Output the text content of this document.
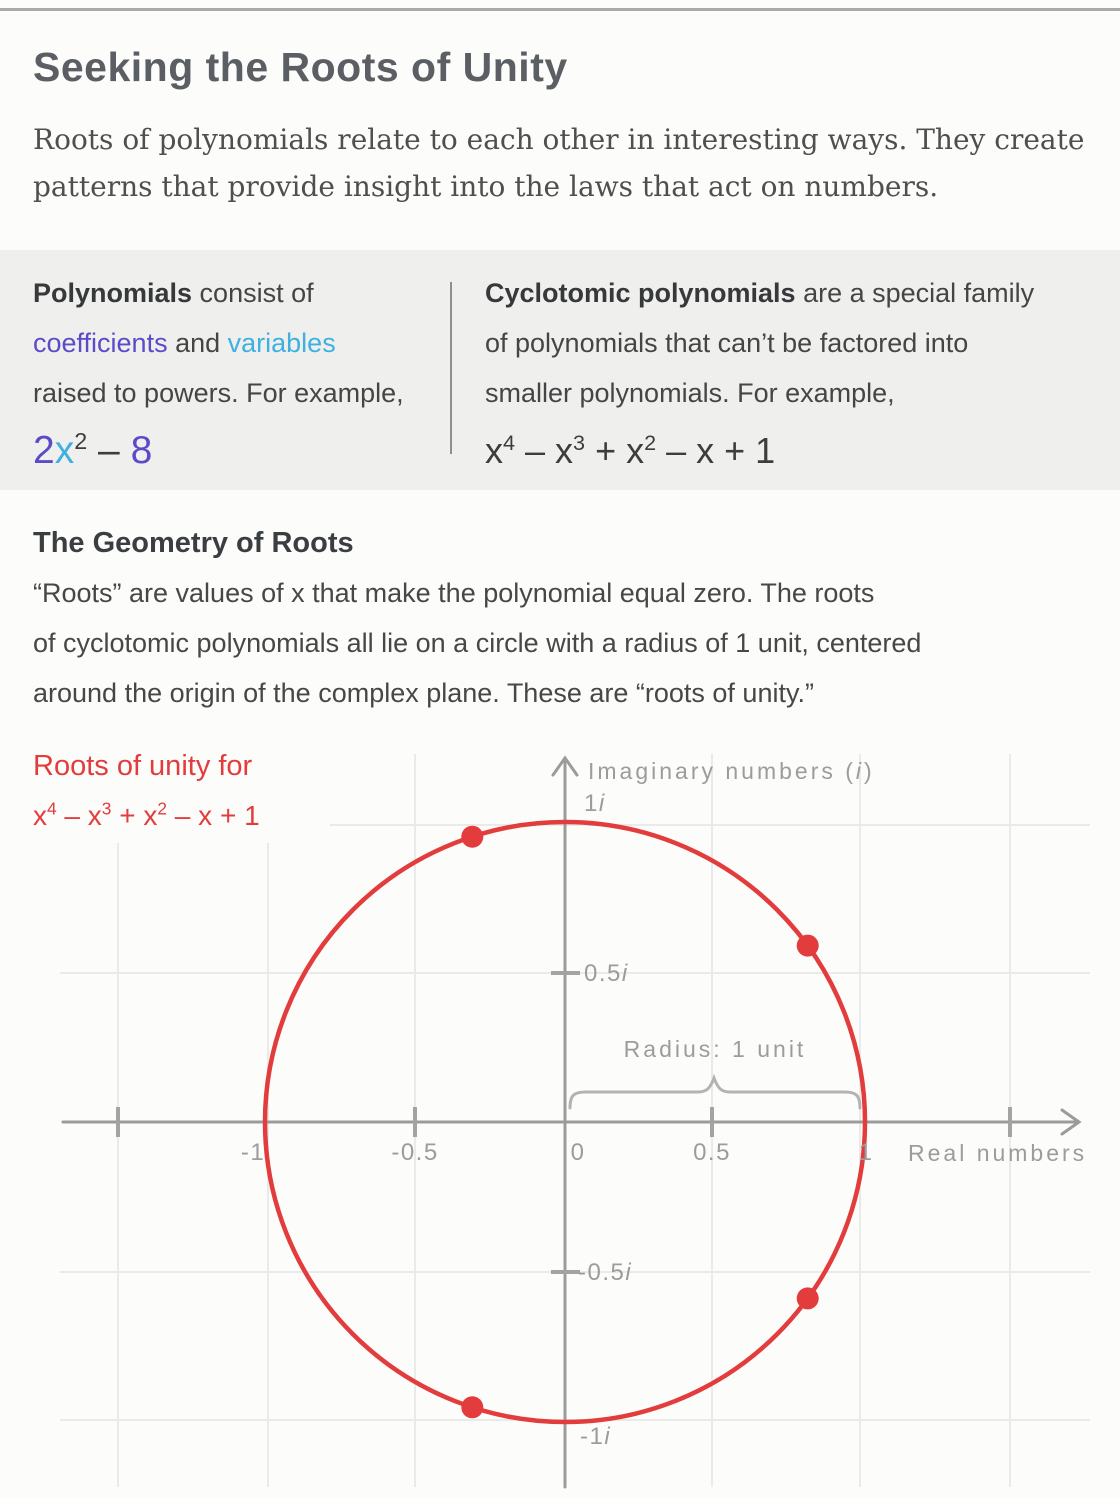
Seeking the Roots of Unity
Roots of polynomials relate to each other in interesting ways. They create
patterns that provide insight into the laws that act on numbers.
Polynomials consist of
coefficients and variables
raised to powers. For example,
$2x^2 - 8$
Cyclotomic polynomials are a special family
of polynomials that can’t be factored into
smaller polynomials. For example,
$x^4 - x^3 + x^2 - x + 1$
The Geometry of Roots
“Roots” are values of x that make the polynomial equal zero. The roots
of cyclotomic polynomials all lie on a circle with a radius of 1 unit, centered
around the origin of the complex plane. These are “roots of unity.”
Roots of unity for
$x^4 - x^3 + x^2 - x + 1$
Imaginary numbers (i)
1i
0.5i
-0.5i
-1i
Radius: 1 unit
-1	-0.5	0	0.5	1 Real numbers
